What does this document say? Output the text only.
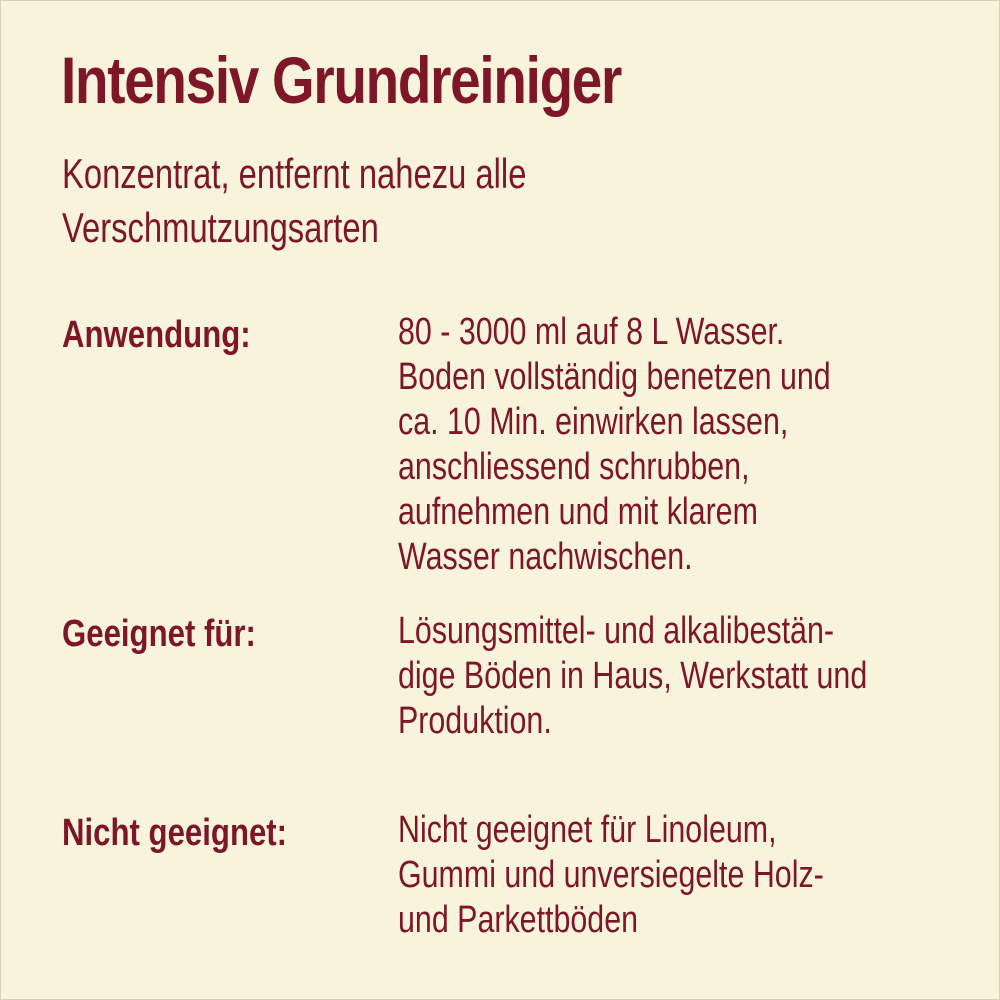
Intensiv Grundreiniger
Konzentrat, entfernt nahezu alle
Verschmutzungsarten
Anwendung:	80 - 3000 ml auf 8 L Wasser.
Boden vollständig benetzen und
ca. 10 Min. einwirken lassen,
anschliessend schrubben,
aufnehmen und mit klarem
Wasser nachwischen.
Geeignet für:	Lösungsmittel- und alkalibestän-
dige Böden in Haus, Werkstatt und
Produktion.
Nicht geeignet:	Nicht geeignet für Linoleum,
Gummi und unversiegelte Holz-
und Parkettböden
